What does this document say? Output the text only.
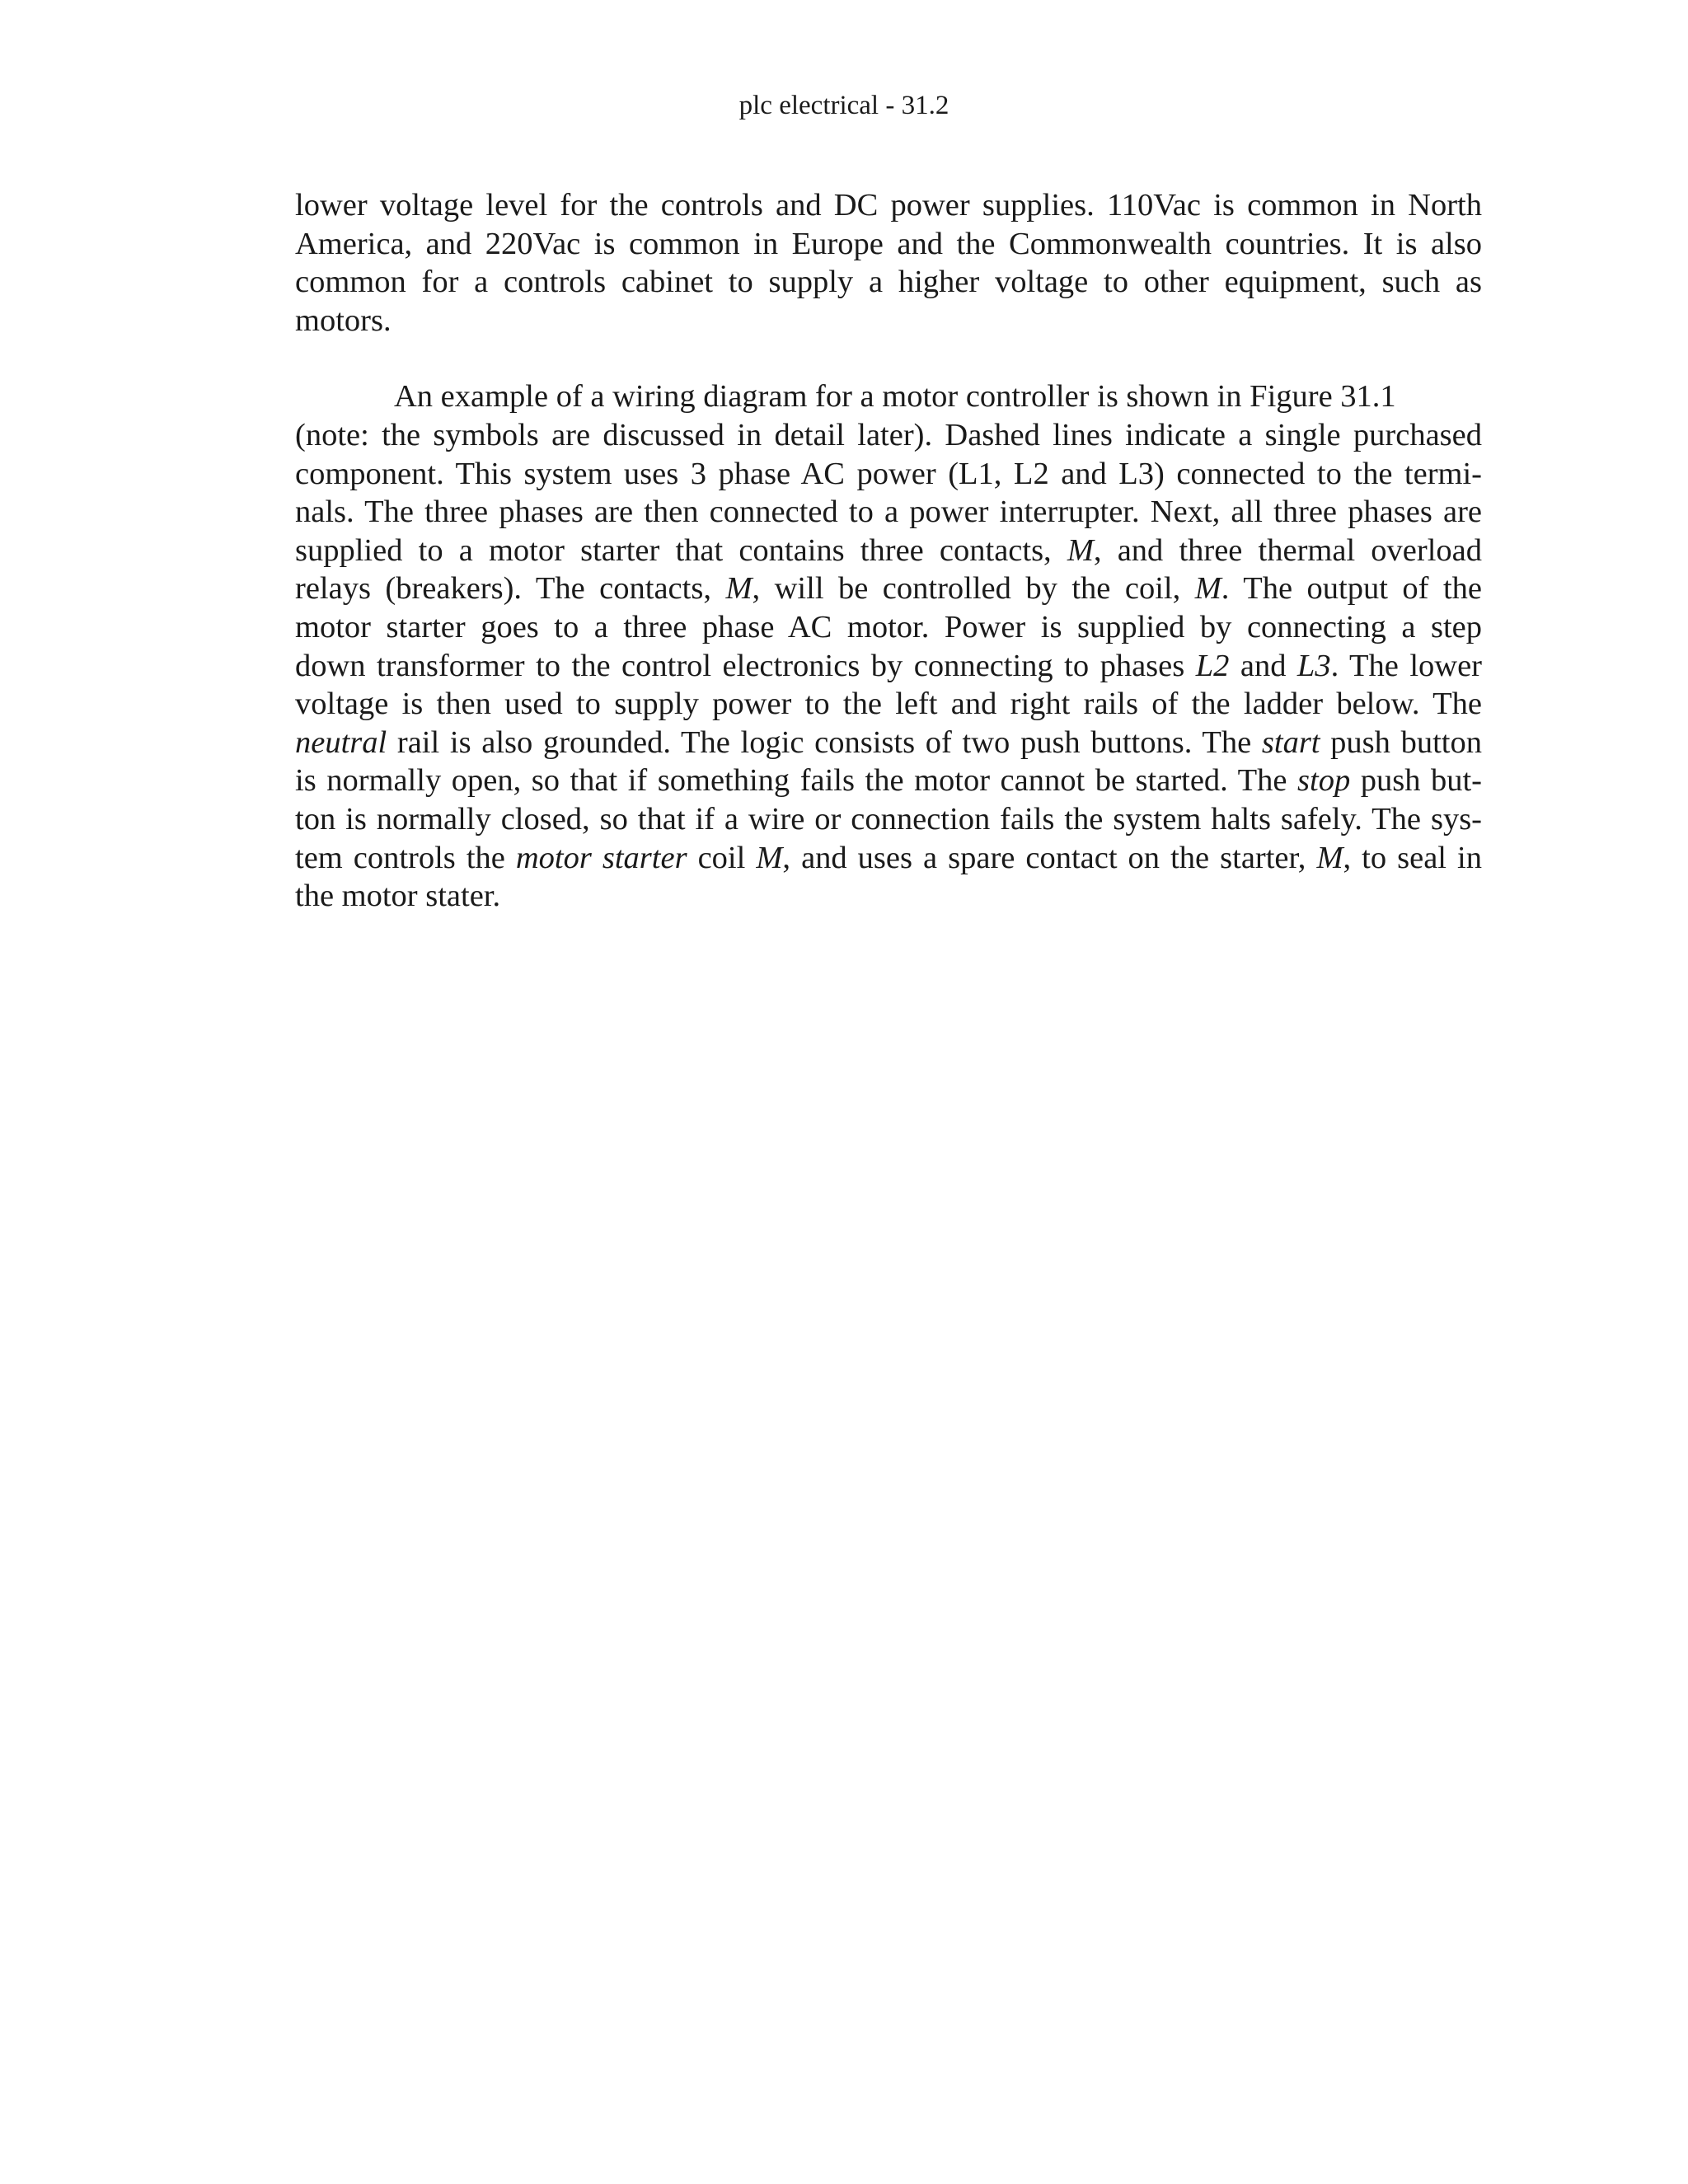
plc electrical - 31.2

lower voltage level for the controls and DC power supplies. 110Vac is common in North
America, and 220Vac is common in Europe and the Commonwealth countries. It is also
common for a controls cabinet to supply a higher voltage to other equipment, such as
motors.

An example of a wiring diagram for a motor controller is shown in Figure 31.1
(note: the symbols are discussed in detail later). Dashed lines indicate a single purchased
component. This system uses 3 phase AC power (L1, L2 and L3) connected to the termi-
nals. The three phases are then connected to a power interrupter. Next, all three phases are
supplied to a motor starter that contains three contacts, M, and three thermal overload
relays (breakers). The contacts, M, will be controlled by the coil, M. The output of the
motor starter goes to a three phase AC motor. Power is supplied by connecting a step
down transformer to the control electronics by connecting to phases L2 and L3. The lower
voltage is then used to supply power to the left and right rails of the ladder below. The
neutral rail is also grounded. The logic consists of two push buttons. The start push button
is normally open, so that if something fails the motor cannot be started. The stop push but-
ton is normally closed, so that if a wire or connection fails the system halts safely. The sys-
tem controls the motor starter coil M, and uses a spare contact on the starter, M, to seal in
the motor stater.
